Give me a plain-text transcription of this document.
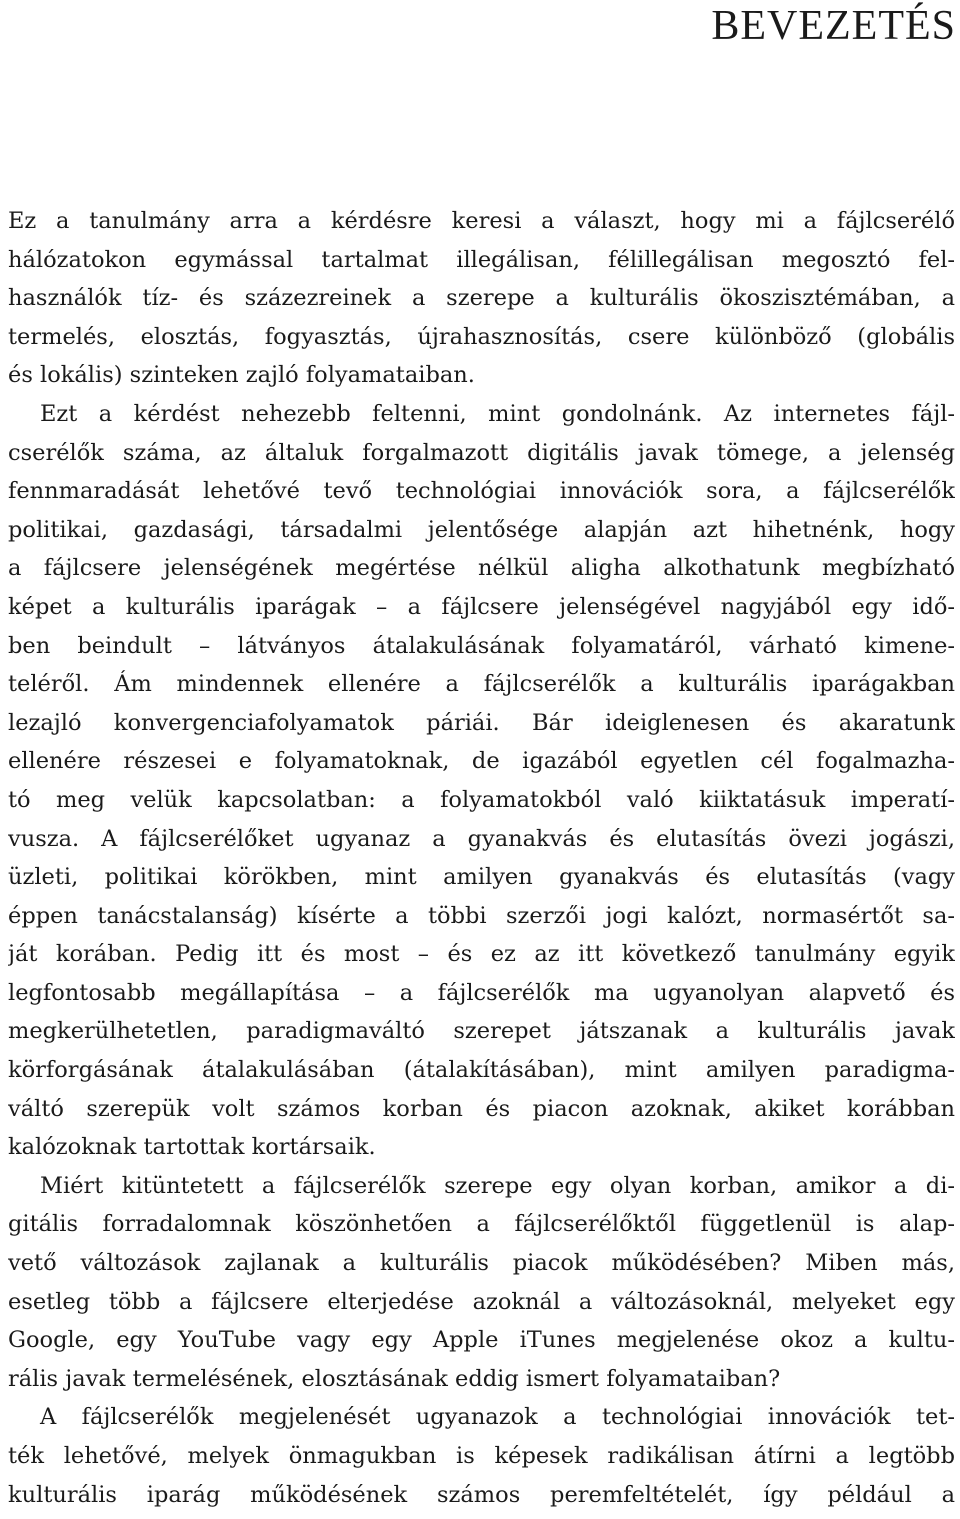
BEVEZETÉS
Ez a tanulmány arra a kérdésre keresi a választ, hogy mi a fájlcserélő
hálózatokon egymással tartalmat illegálisan, félillegálisan megosztó fel-
használók tíz- és százezreinek a szerepe a kulturális ökoszisztémában, a
termelés, elosztás, fogyasztás, újrahasznosítás, csere különböző (globális
és lokális) szinteken zajló folyamataiban.
Ezt a kérdést nehezebb feltenni, mint gondolnánk. Az internetes fájl-
cserélők száma, az általuk forgalmazott digitális javak tömege, a jelenség
fennmaradását lehetővé tevő technológiai innovációk sora, a fájlcserélők
politikai, gazdasági, társadalmi jelentősége alapján azt hihetnénk, hogy
a fájlcsere jelenségének megértése nélkül aligha alkothatunk megbízható
képet a kulturális iparágak – a fájlcsere jelenségével nagyjából egy idő-
ben beindult – látványos átalakulásának folyamatáról, várható kimene-
teléről. Ám mindennek ellenére a fájlcserélők a kulturális iparágakban
lezajló konvergenciafolyamatok páriái. Bár ideiglenesen és akaratunk
ellenére részesei e folyamatoknak, de igazából egyetlen cél fogalmazha-
tó meg velük kapcsolatban: a folyamatokból való kiiktatásuk imperatí-
vusza. A fájlcserélőket ugyanaz a gyanakvás és elutasítás övezi jogászi,
üzleti, politikai körökben, mint amilyen gyanakvás és elutasítás (vagy
éppen tanácstalanság) kísérte a többi szerzői jogi kalózt, normasértőt sa-
ját korában. Pedig itt és most – és ez az itt következő tanulmány egyik
legfontosabb megállapítása – a fájlcserélők ma ugyanolyan alapvető és
megkerülhetetlen, paradigmaváltó szerepet játszanak a kulturális javak
körforgásának átalakulásában (átalakításában), mint amilyen paradigma-
váltó szerepük volt számos korban és piacon azoknak, akiket korábban
kalózoknak tartottak kortársaik.
Miért kitüntetett a fájlcserélők szerepe egy olyan korban, amikor a di-
gitális forradalomnak köszönhetően a fájlcserélőktől függetlenül is alap-
vető változások zajlanak a kulturális piacok működésében? Miben más,
esetleg több a fájlcsere elterjedése azoknál a változásoknál, melyeket egy
Google, egy YouTube vagy egy Apple iTunes megjelenése okoz a kultu-
rális javak termelésének, elosztásának eddig ismert folyamataiban?
A fájlcserélők megjelenését ugyanazok a technológiai innovációk tet-
ték lehetővé, melyek önmagukban is képesek radikálisan átírni a legtöbb
kulturális iparág működésének számos peremfeltételét, így például a
